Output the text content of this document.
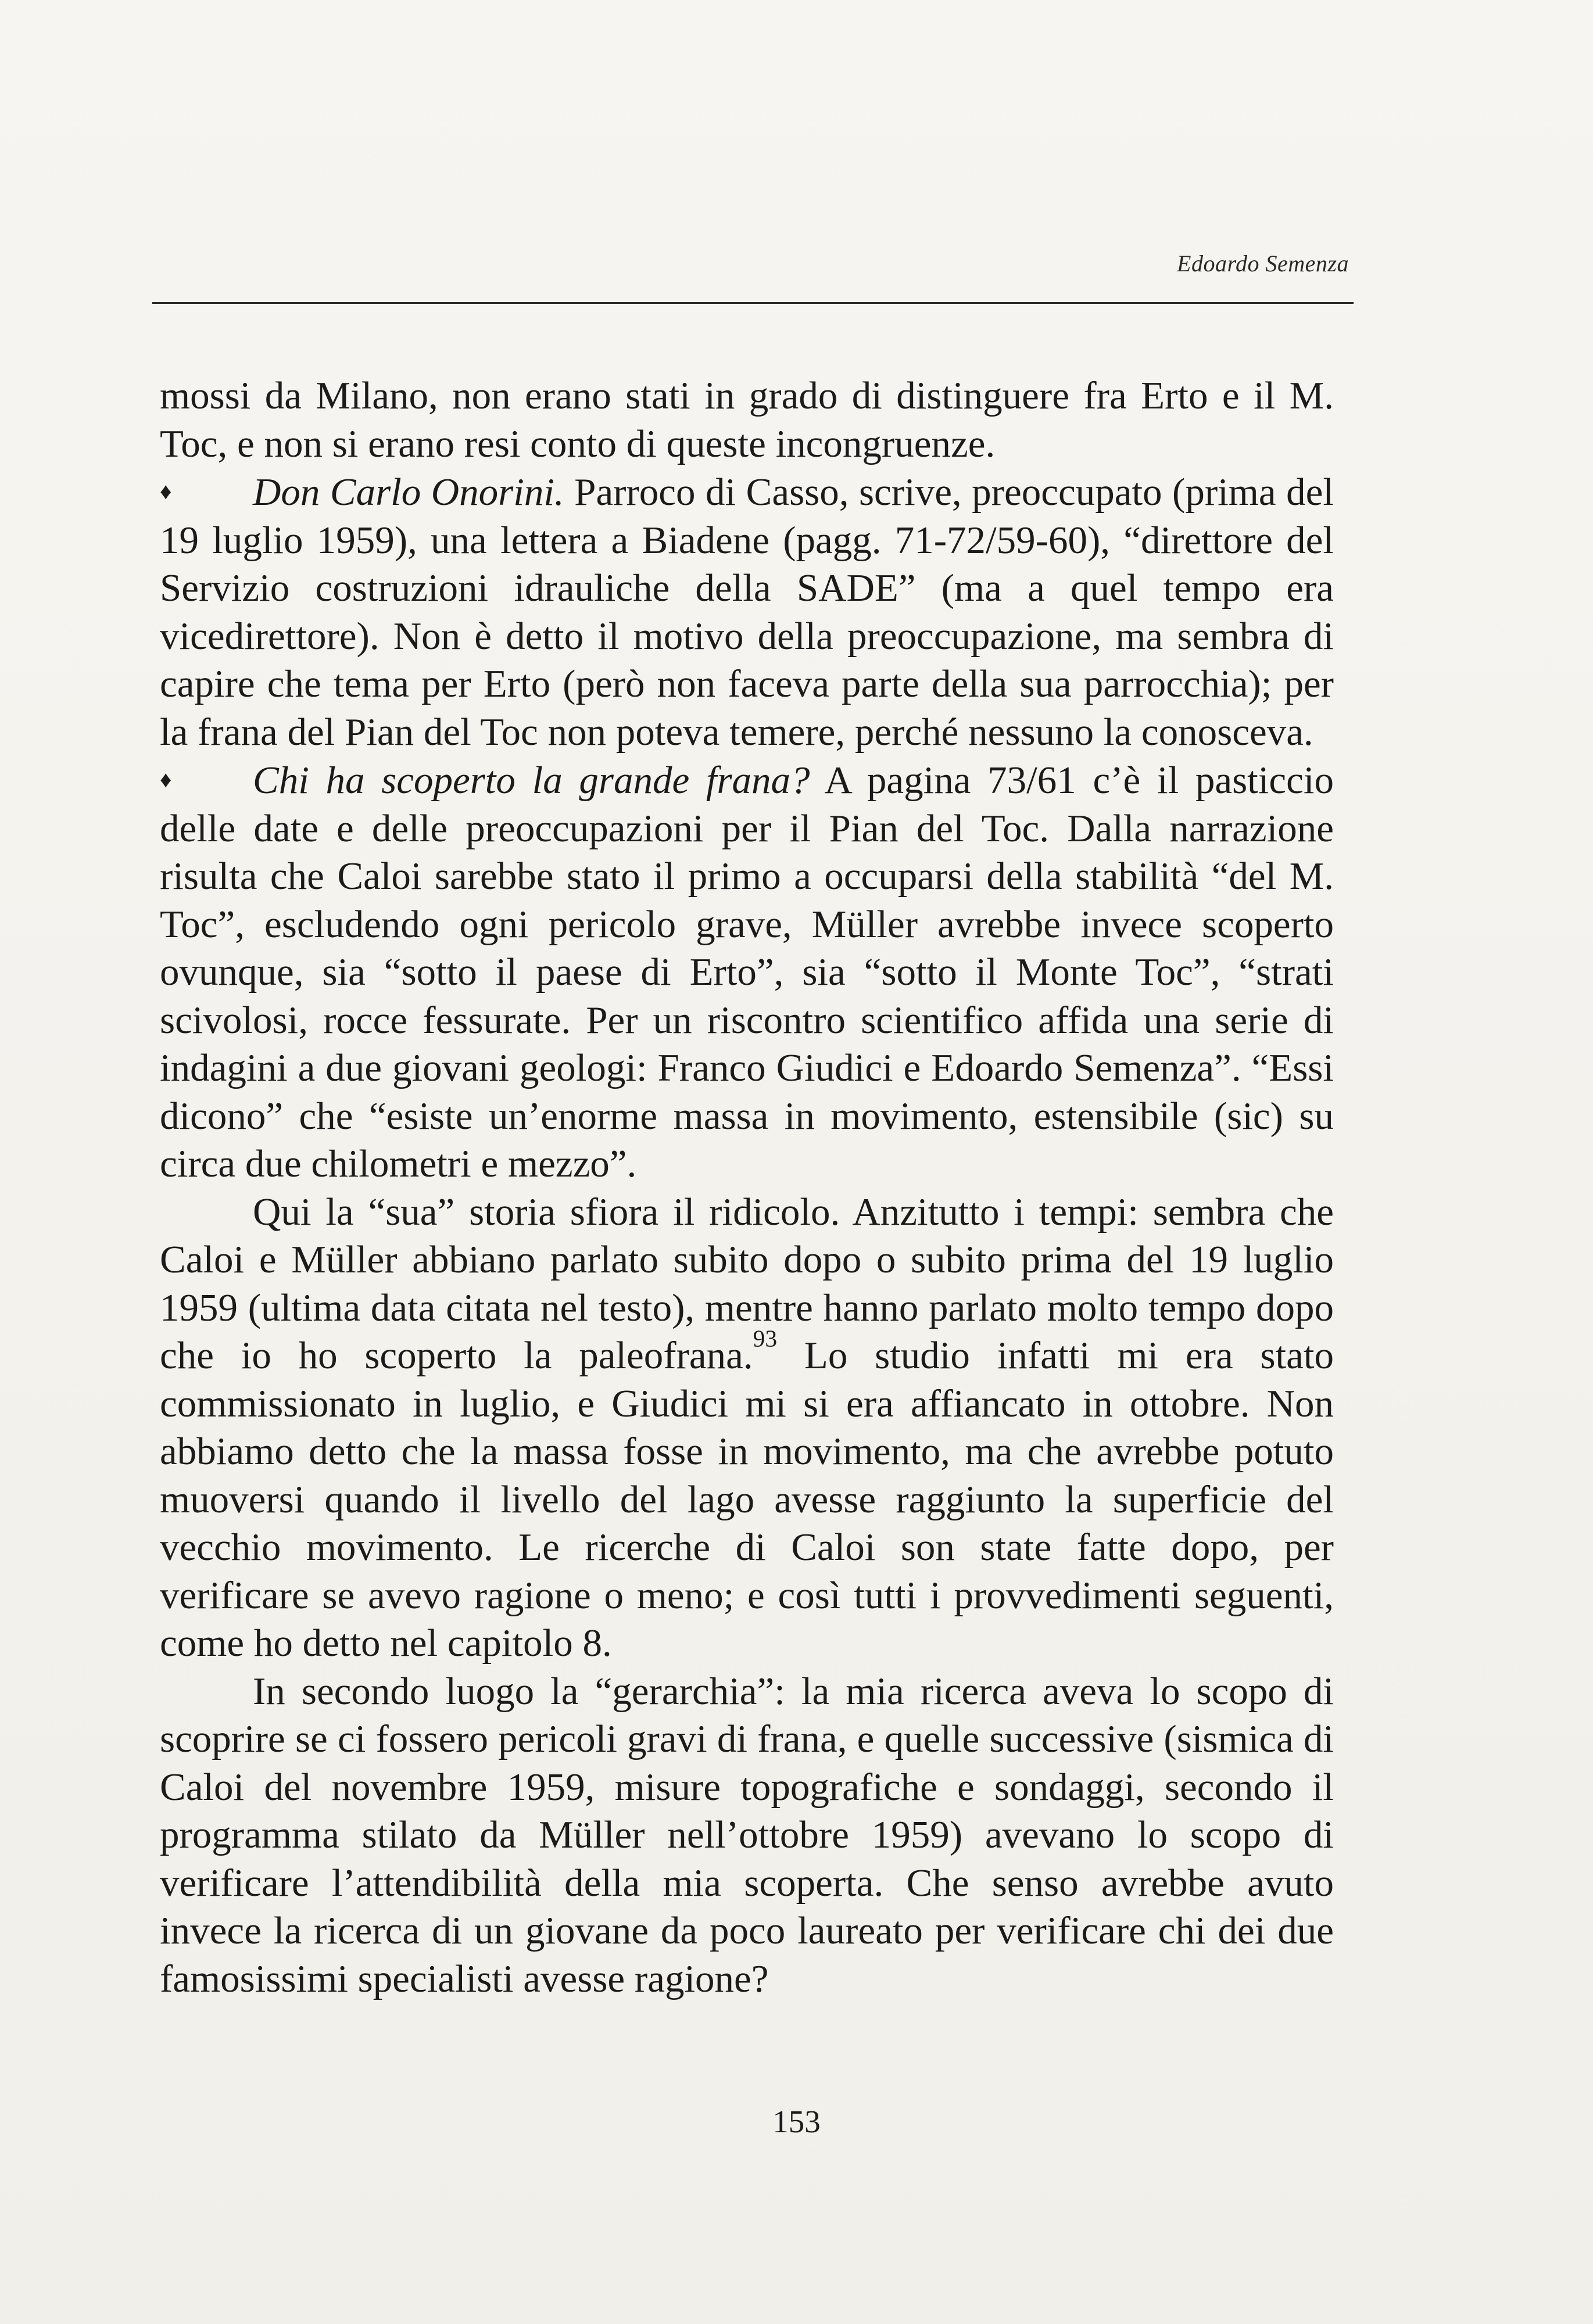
Edoardo Semenza

mossi da Milano, non erano stati in grado di distinguere fra Erto e il M. Toc, e non si erano resi conto di queste incongruenze.

♦ Don Carlo Onorini. Parroco di Casso, scrive, preoccupato (prima del 19 luglio 1959), una lettera a Biadene (pagg. 71-72/59-60), “direttore del Servizio costruzioni idrauliche della SADE” (ma a quel tempo era vicedirettore). Non è detto il motivo della preoccupazione, ma sembra di capire che tema per Erto (però non faceva parte della sua parrocchia); per la frana del Pian del Toc non poteva temere, perché nessuno la conosceva.

♦ Chi ha scoperto la grande frana? A pagina 73/61 c’è il pasticcio delle date e delle preoccupazioni per il Pian del Toc. Dalla narrazione risulta che Caloi sarebbe stato il primo a occuparsi della stabilità “del M. Toc”, escludendo ogni pericolo grave, Müller avrebbe invece scoperto ovunque, sia “sotto il paese di Erto”, sia “sotto il Monte Toc”, “strati scivolosi, rocce fessurate. Per un riscontro scientifico affida una serie di indagini a due giovani geologi: Franco Giudici e Edoardo Semenza”. “Essi dicono” che “esiste un’enorme massa in movimento, estensibile (sic) su circa due chilometri e mezzo”.

Qui la “sua” storia sfiora il ridicolo. Anzitutto i tempi: sembra che Caloi e Müller abbiano parlato subito dopo o subito prima del 19 luglio 1959 (ultima data citata nel testo), mentre hanno parlato molto tempo dopo che io ho scoperto la paleofrana.$^{93}$ Lo studio infatti mi era stato commissionato in luglio, e Giudici mi si era affiancato in ottobre. Non abbiamo detto che la massa fosse in movimento, ma che avrebbe potuto muoversi quando il livello del lago avesse raggiunto la superficie del vecchio movimento. Le ricerche di Caloi son state fatte dopo, per verificare se avevo ragione o meno; e così tutti i provvedimenti seguenti, come ho detto nel capitolo 8.

In secondo luogo la “gerarchia”: la mia ricerca aveva lo scopo di scoprire se ci fossero pericoli gravi di frana, e quelle successive (sismica di Caloi del novembre 1959, misure topografiche e sondaggi, secondo il programma stilato da Müller nell’ottobre 1959) avevano lo scopo di verificare l’attendibilità della mia scoperta. Che senso avrebbe avuto invece la ricerca di un giovane da poco laureato per verificare chi dei due famosissimi specialisti avesse ragione?

153
